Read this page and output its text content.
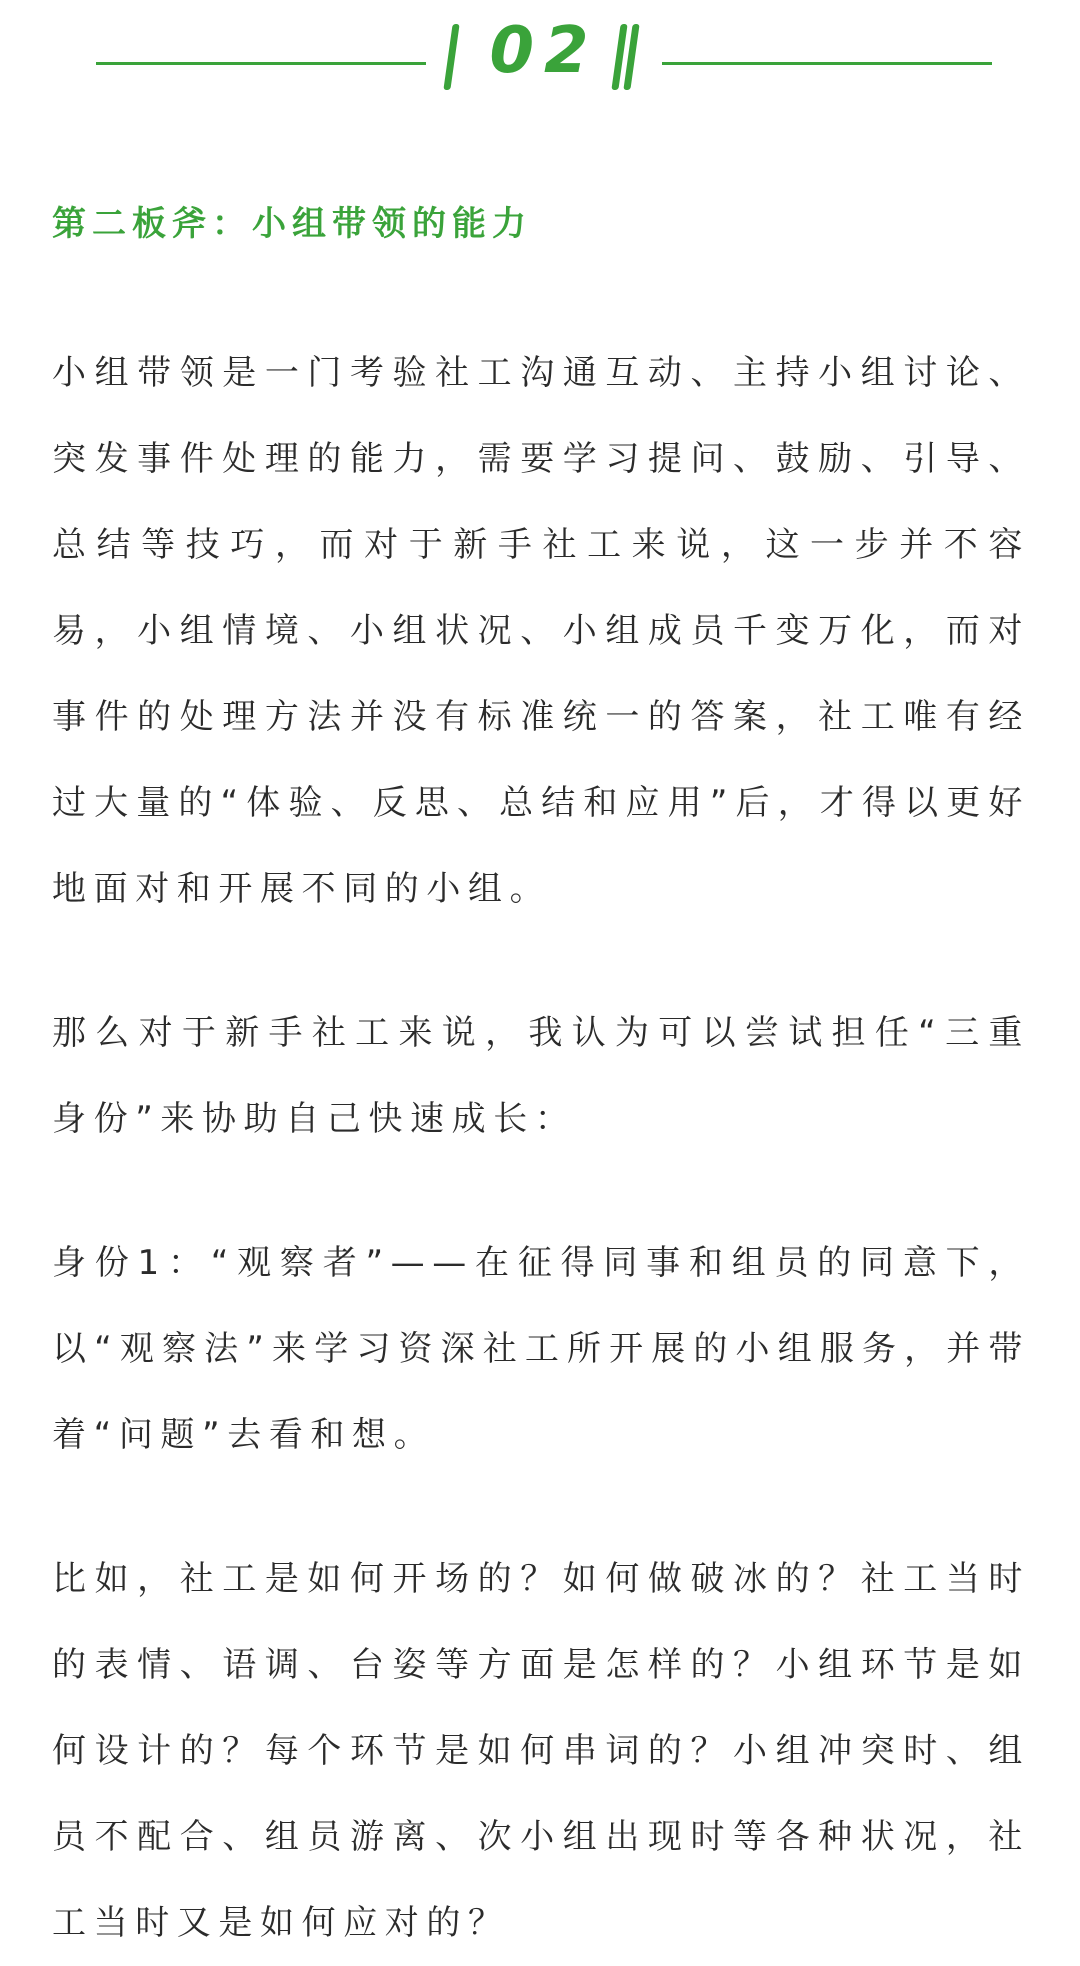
02
第二板斧：小组带领的能力

小组带领是一门考验社工沟通互动、主持小组讨论、突发事件处理的能力，需要学习提问、鼓励、引导、总结等技巧，而对于新手社工来说，这一步并不容易，小组情境、小组状况、小组成员千变万化，而对事件的处理方法并没有标准统一的答案，社工唯有经过大量的“体验、反思、总结和应用”后，才得以更好地面对和开展不同的小组。

那么对于新手社工来说，我认为可以尝试担任“三重身份”来协助自己快速成长：

身份1：“观察者”——在征得同事和组员的同意下，以“观察法”来学习资深社工所开展的小组服务，并带着“问题”去看和想。

比如，社工是如何开场的？如何做破冰的？社工当时的表情、语调、台姿等方面是怎样的？小组环节是如何设计的？每个环节是如何串词的？小组冲突时、组员不配合、组员游离、次小组出现时等各种状况，社工当时又是如何应对的？
